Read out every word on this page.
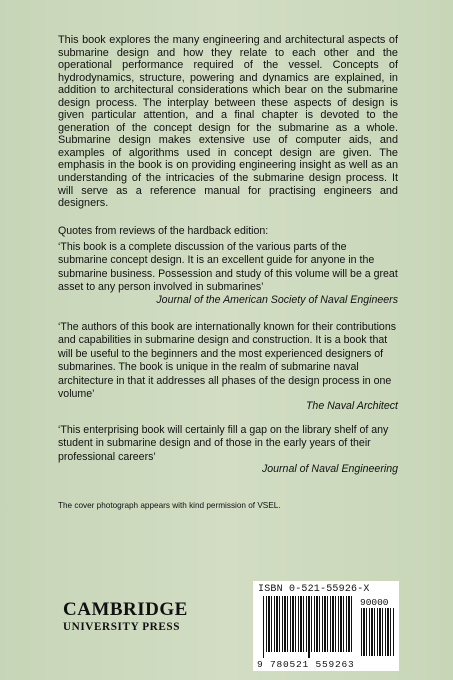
This book explores the many engineering and architectural aspects of submarine design and how they relate to each other and the operational performance required of the vessel. Concepts of hydrodynamics, structure, powering and dynamics are explained, in addition to architectural considerations which bear on the submarine design process. The interplay between these aspects of design is given particular attention, and a final chapter is devoted to the generation of the concept design for the submarine as a whole. Submarine design makes extensive use of computer aids, and examples of algorithms used in concept design are given. The emphasis in the book is on providing engineering insight as well as an understanding of the intricacies of the submarine design process. It will serve as a reference manual for practising engineers and designers.
Quotes from reviews of the hardback edition:
‘This book is a complete discussion of the various parts of the submarine concept design. It is an excellent guide for anyone in the submarine business. Possession and study of this volume will be a great asset to any person involved in submarines’
Journal of the American Society of Naval Engineers
‘The authors of this book are internationally known for their contributions and capabilities in submarine design and construction. It is a book that will be useful to the beginners and the most experienced designers of submarines. The book is unique in the realm of submarine naval architecture in that it addresses all phases of the design process in one volume’
The Naval Architect
‘This enterprising book will certainly fill a gap on the library shelf of any student in submarine design and of those in the early years of their professional careers’
Journal of Naval Engineering
The cover photograph appears with kind permission of VSEL.
CAMBRIDGE
UNIVERSITY PRESS
ISBN 0-521-55926-X
90000
9 780521 559263
